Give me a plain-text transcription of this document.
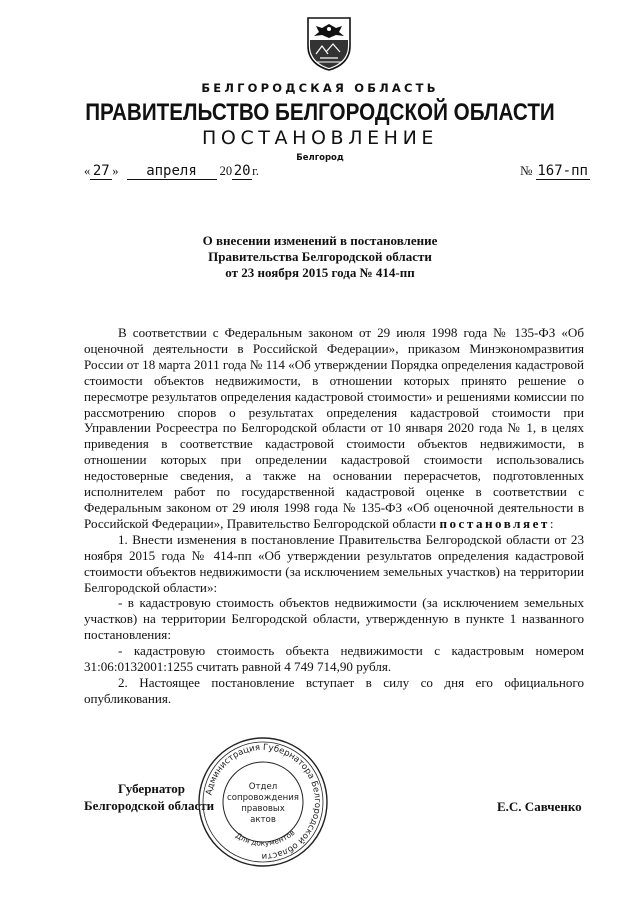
БЕЛГОРОДСКАЯ ОБЛАСТЬ
ПРАВИТЕЛЬСТВО БЕЛГОРОДСКОЙ ОБЛАСТИ
ПОСТАНОВЛЕНИЕ
Белгород
« 27 » апреля 20 20 г.	№ 167-пп
О внесении изменений в постановление
Правительства Белгородской области
от 23 ноября 2015 года № 414-пп

В соответствии с Федеральным законом от 29 июля 1998 года № 135-ФЗ «Об оценочной деятельности в Российской Федерации», приказом Минэкономразвития России от 18 марта 2011 года № 114 «Об утверждении Порядка определения кадастровой стоимости объектов недвижимости, в отношении которых принято решение о пересмотре результатов определения кадастровой стоимости» и решениями комиссии по рассмотрению споров о результатах определения кадастровой стоимости при Управлении Росреестра по Белгородской области от 10 января 2020 года № 1, в целях приведения в соответствие кадастровой стоимости объектов недвижимости, в отношении которых при определении кадастровой стоимости использовались недостоверные сведения, а также на основании перерасчетов, подготовленных исполнителем работ по государственной кадастровой оценке в соответствии с Федеральным законом от 29 июля 1998 года № 135-ФЗ «Об оценочной деятельности в Российской Федерации», Правительство Белгородской области постановляет:

1. Внести изменения в постановление Правительства Белгородской области от 23 ноября 2015 года № 414-пп «Об утверждении результатов определения кадастровой стоимости объектов недвижимости (за исключением земельных участков) на территории Белгородской области»:

- в кадастровую стоимость объектов недвижимости (за исключением земельных участков) на территории Белгородской области, утвержденную в пункте 1 названного постановления:

- кадастровую стоимость объекта недвижимости с кадастровым номером 31:06:0132001:1255 считать равной 4 749 714,90 рубля.

2. Настоящее постановление вступает в силу со дня его официального опубликования.

Губернатор
Белгородской области	Е.С. Савченко
Администрация Губернатора Белгородской области
Для документов
Отдел
сопровождения
правовых
актов
